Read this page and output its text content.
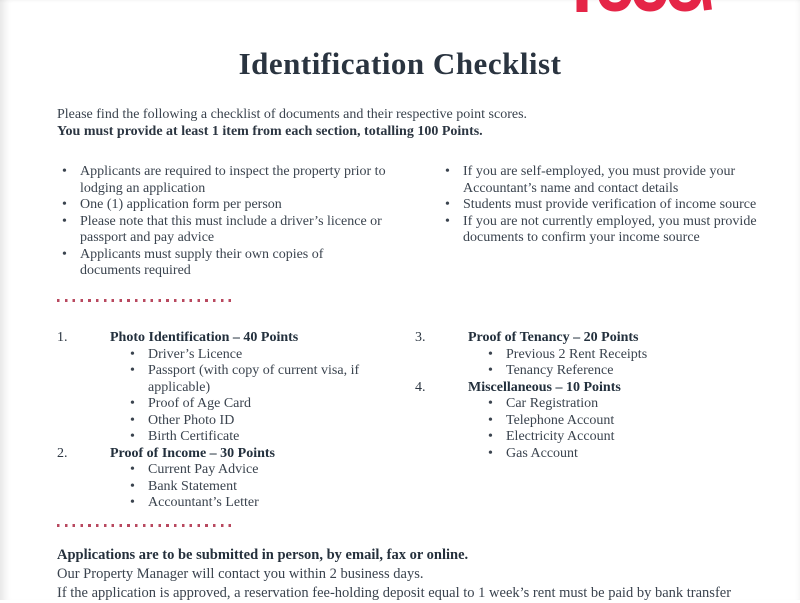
Identification Checklist
Please find the following a checklist of documents and their respective point scores.
You must provide at least 1 item from each section, totalling 100 Points.
• Applicants are required to inspect the property prior to lodging an application
• One (1) application form per person
• Please note that this must include a driver’s licence or passport and pay advice
• Applicants must supply their own copies of documents required
• If you are self-employed, you must provide your Accountant’s name and contact details
• Students must provide verification of income source
• If you are not currently employed, you must provide documents to confirm your income source
1.	Photo Identification – 40 Points
• Driver’s Licence
• Passport (with copy of current visa, if applicable)
• Proof of Age Card
• Other Photo ID
• Birth Certificate
2.	Proof of Income – 30 Points
• Current Pay Advice
• Bank Statement
• Accountant’s Letter
3.	Proof of Tenancy – 20 Points
• Previous 2 Rent Receipts
• Tenancy Reference
4.	Miscellaneous – 10 Points
• Car Registration
• Telephone Account
• Electricity Account
• Gas Account

Applications are to be submitted in person, by email, fax or online.

Our Property Manager will contact you within 2 business days.

If the application is approved, a reservation fee-holding deposit equal to 1 week’s rent must be paid by bank transfer
